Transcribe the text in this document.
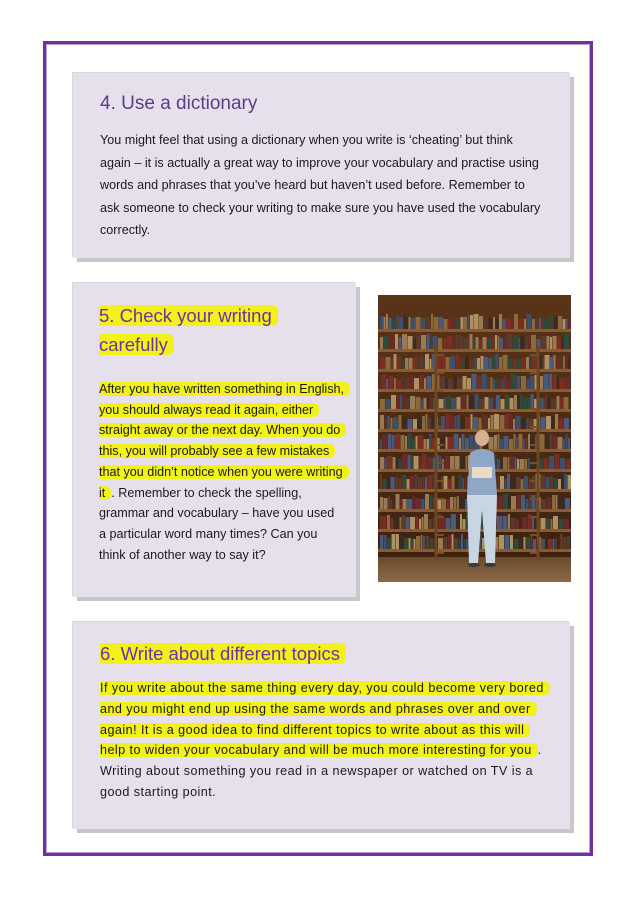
4. Use a dictionary

You might feel that using a dictionary when you write is ‘cheating’ but think again – it is actually a great way to improve your vocabulary and practise using words and phrases that you’ve heard but haven’t used before. Remember to ask someone to check your writing to make sure you have used the vocabulary correctly.

5. Check your writing carefully

After you have written something in English, you should always read it again, either straight away or the next day. When you do this, you will probably see a few mistakes that you didn’t notice when you were writing it . Remember to check the spelling, grammar and vocabulary – have you used a particular word many times? Can you think of another way to say it?

6. Write about different topics

If you write about the same thing every day, you could become very bored and you might end up using the same words and phrases over and over again! It is a good idea to find different topics to write about as this will help to widen your vocabulary and will be much more interesting for you . Writing about something you read in a newspaper or watched on TV is a good starting point.
